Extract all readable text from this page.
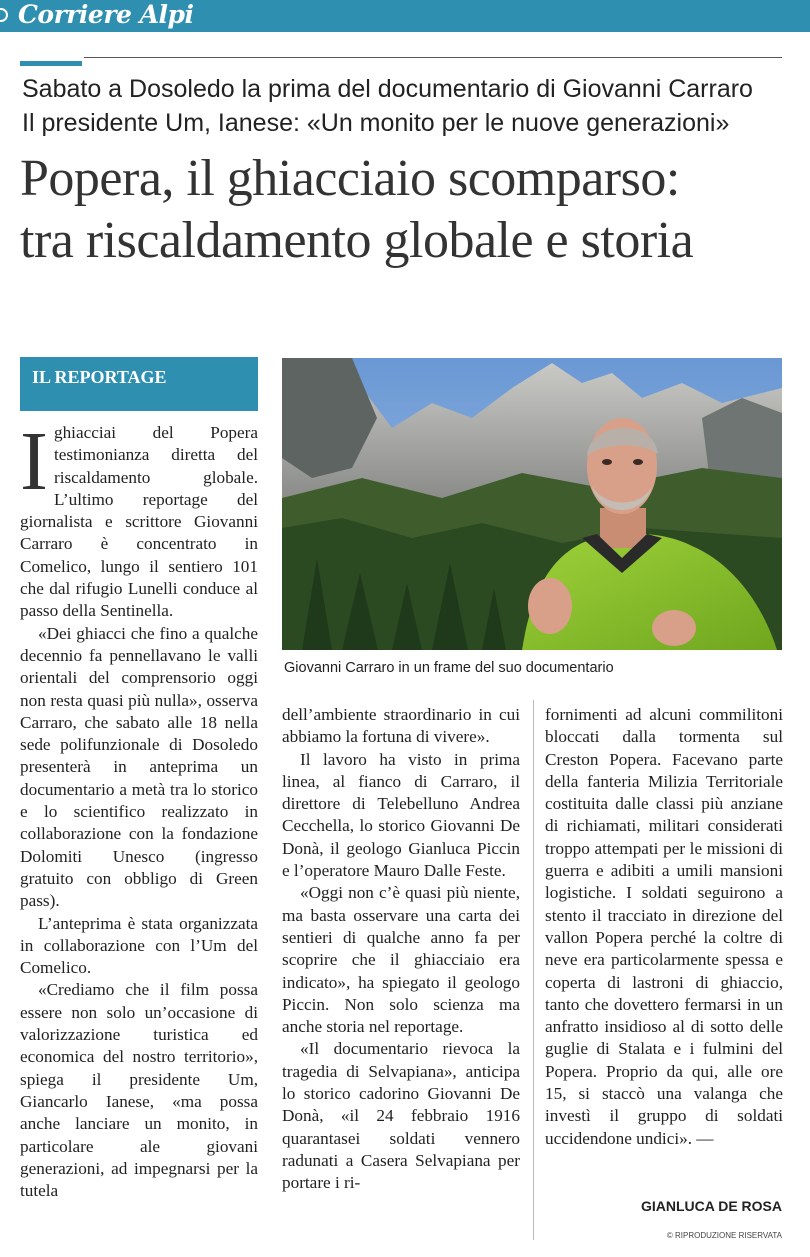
Corriere Alpi
Sabato a Dosoledo la prima del documentario di Giovanni Carraro
Il presidente Um, Ianese: «Un monito per le nuove generazioni»
Popera, il ghiacciaio scomparso:
tra riscaldamento globale e storia
IL REPORTAGE
Giovanni Carraro in un frame del suo documentario

Ighiacciai del Popera testimonianza diretta del riscaldamento globale. L’ultimo reportage del giornalista e scrittore Giovanni Carraro è concentrato in Comelico, lungo il sentiero 101 che dal rifugio Lunelli conduce al passo della Sentinella.

«Dei ghiacci che fino a qualche decennio fa pennellavano le valli orientali del comprensorio oggi non resta quasi più nulla», osserva Carraro, che sabato alle 18 nella sede polifunzionale di Dosoledo presenterà in anteprima un documentario a metà tra lo storico e lo scientifico realizzato in collaborazione con la fondazione Dolomiti Unesco (ingresso gratuito con obbligo di Green pass).

L’anteprima è stata organizzata in collaborazione con l’Um del Comelico.

«Crediamo che il film possa essere non solo un’occasione di valorizzazione turistica ed economica del nostro territorio», spiega il presidente Um, Giancarlo Ianese, «ma possa anche lanciare un monito, in particolare ale giovani generazioni, ad impegnarsi per la tutela

dell’ambiente straordinario in cui abbiamo la fortuna di vivere».

Il lavoro ha visto in prima linea, al fianco di Carraro, il direttore di Telebelluno Andrea Cecchella, lo storico Giovanni De Donà, il geologo Gianluca Piccin e l’operatore Mauro Dalle Feste.

«Oggi non c’è quasi più niente, ma basta osservare una carta dei sentieri di qualche anno fa per scoprire che il ghiacciaio era indicato», ha spiegato il geologo Piccin. Non solo scienza ma anche storia nel reportage.

«Il documentario rievoca la tragedia di Selvapiana», anticipa lo storico cadorino Giovanni De Donà, «il 24 febbraio 1916 quarantasei soldati vennero radunati a Casera Selvapiana per portare i ri-

fornimenti ad alcuni commilitoni bloccati dalla tormenta sul Creston Popera. Facevano parte della fanteria Milizia Territoriale costituita dalle classi più anziane di richiamati, militari considerati troppo attempati per le missioni di guerra e adibiti a umili mansioni logistiche. I soldati seguirono a stento il tracciato in direzione del vallon Popera perché la coltre di neve era particolarmente spessa e coperta di lastroni di ghiaccio, tanto che dovettero fermarsi in un anfratto insidioso al di sotto delle guglie di Stalata e i fulmini del Popera. Proprio da qui, alle ore 15, si staccò una valanga che investì il gruppo di soldati uccidendone undici». —

GIANLUCA DE ROSA
© RIPRODUZIONE RISERVATA
